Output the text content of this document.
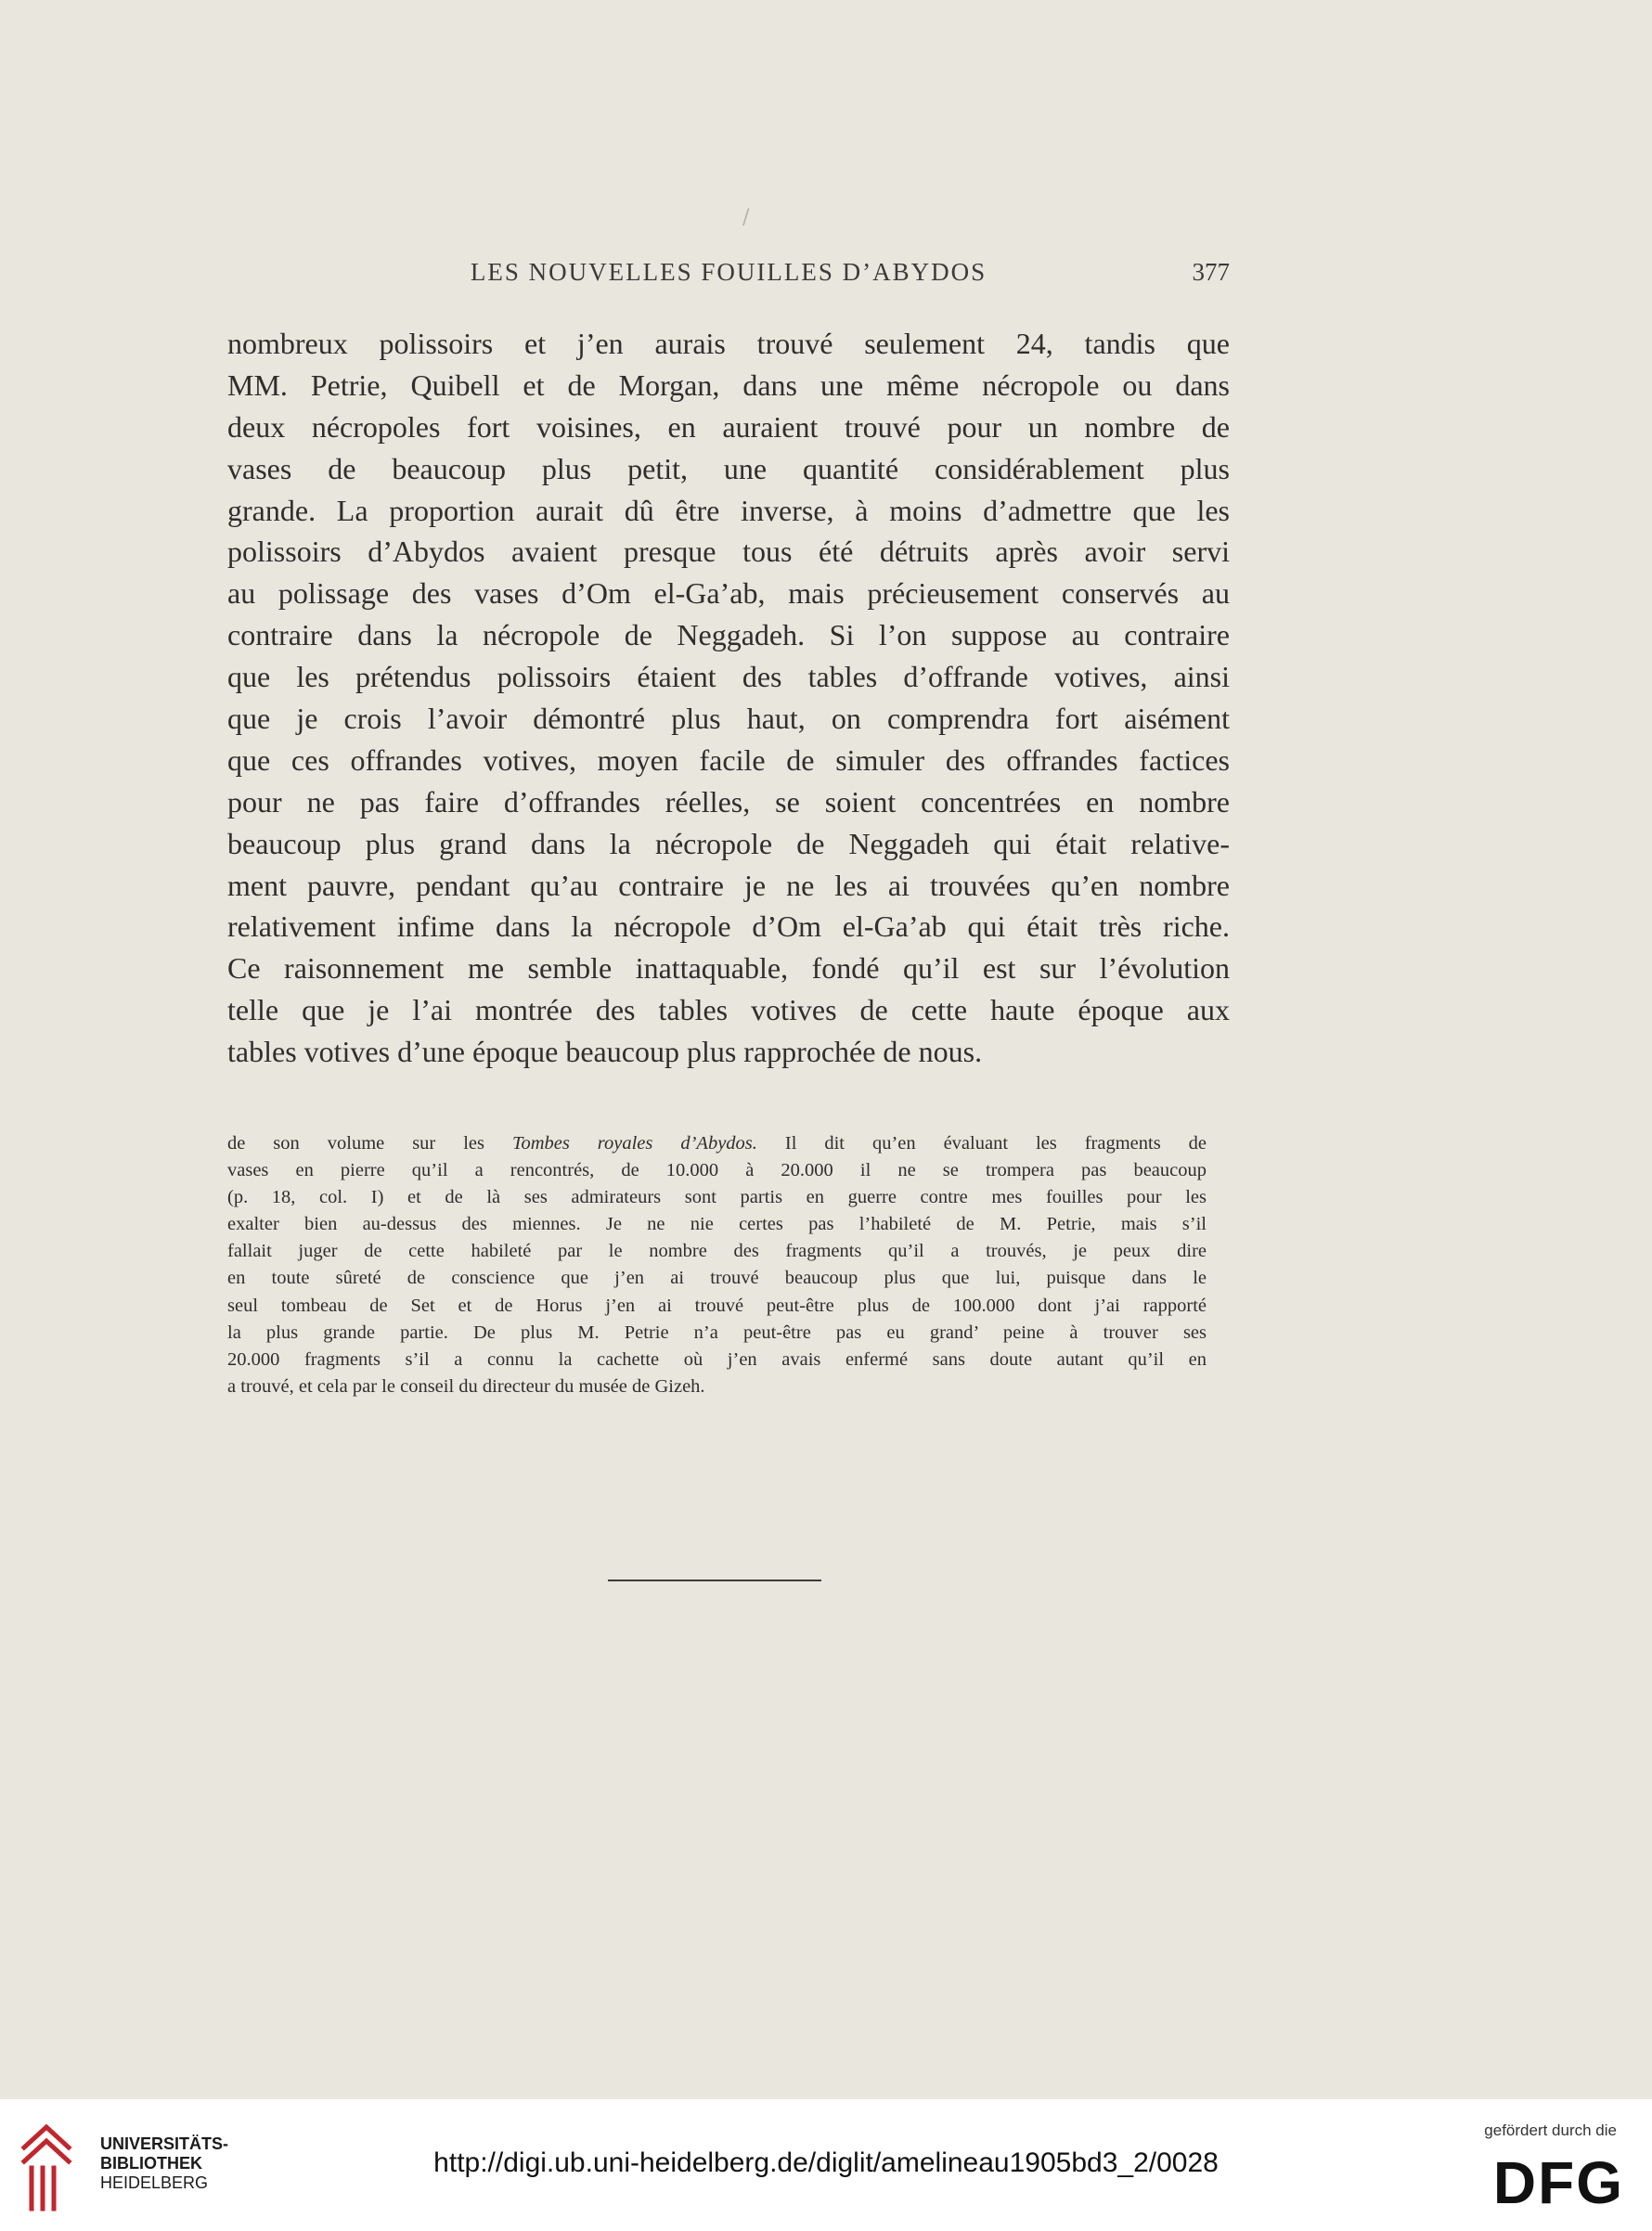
/
LES NOUVELLES FOUILLES D’ABYDOS	377
nombreux polissoirs et j’en aurais trouvé seulement 24, tandis que
MM. Petrie, Quibell et de Morgan, dans une même nécropole ou dans
deux nécropoles fort voisines, en auraient trouvé pour un nombre de
vases de beaucoup plus petit, une quantité considérablement plus
grande. La proportion aurait dû être inverse, à moins d’admettre que les
polissoirs d’Abydos avaient presque tous été détruits après avoir servi
au polissage des vases d’Om el-Ga’ab, mais précieusement conservés au
contraire dans la nécropole de Neggadeh. Si l’on suppose au contraire
que les prétendus polissoirs étaient des tables d’offrande votives, ainsi
que je crois l’avoir démontré plus haut, on comprendra fort aisément
que ces offrandes votives, moyen facile de simuler des offrandes factices
pour ne pas faire d’offrandes réelles, se soient concentrées en nombre
beaucoup plus grand dans la nécropole de Neggadeh qui était relative-
ment pauvre, pendant qu’au contraire je ne les ai trouvées qu’en nombre
relativement infime dans la nécropole d’Om el-Ga’ab qui était très riche.
Ce raisonnement me semble inattaquable, fondé qu’il est sur l’évolution
telle que je l’ai montrée des tables votives de cette haute époque aux
tables votives d’une époque beaucoup plus rapprochée de nous.
de son volume sur les Tombes royales d’Abydos. Il dit qu’en évaluant les fragments de
vases en pierre qu’il a rencontrés, de 10.000 à 20.000 il ne se trompera pas beaucoup
(p. 18, col. I) et de là ses admirateurs sont partis en guerre contre mes fouilles pour les
exalter bien au-dessus des miennes. Je ne nie certes pas l’habileté de M. Petrie, mais s’il
fallait juger de cette habileté par le nombre des fragments qu’il a trouvés, je peux dire
en toute sûreté de conscience que j’en ai trouvé beaucoup plus que lui, puisque dans le
seul tombeau de Set et de Horus j’en ai trouvé peut-être plus de 100.000 dont j’ai rapporté
la plus grande partie. De plus M. Petrie n’a peut-être pas eu grand’ peine à trouver ses
20.000 fragments s’il a connu la cachette où j’en avais enfermé sans doute autant qu’il en
a trouvé, et cela par le conseil du directeur du musée de Gizeh.
UNIVERSITÄTS-
BIBLIOTHEK
HEIDELBERG
http://digi.ub.uni-heidelberg.de/diglit/amelineau1905bd3_2/0028
gefördert durch die
DFG
